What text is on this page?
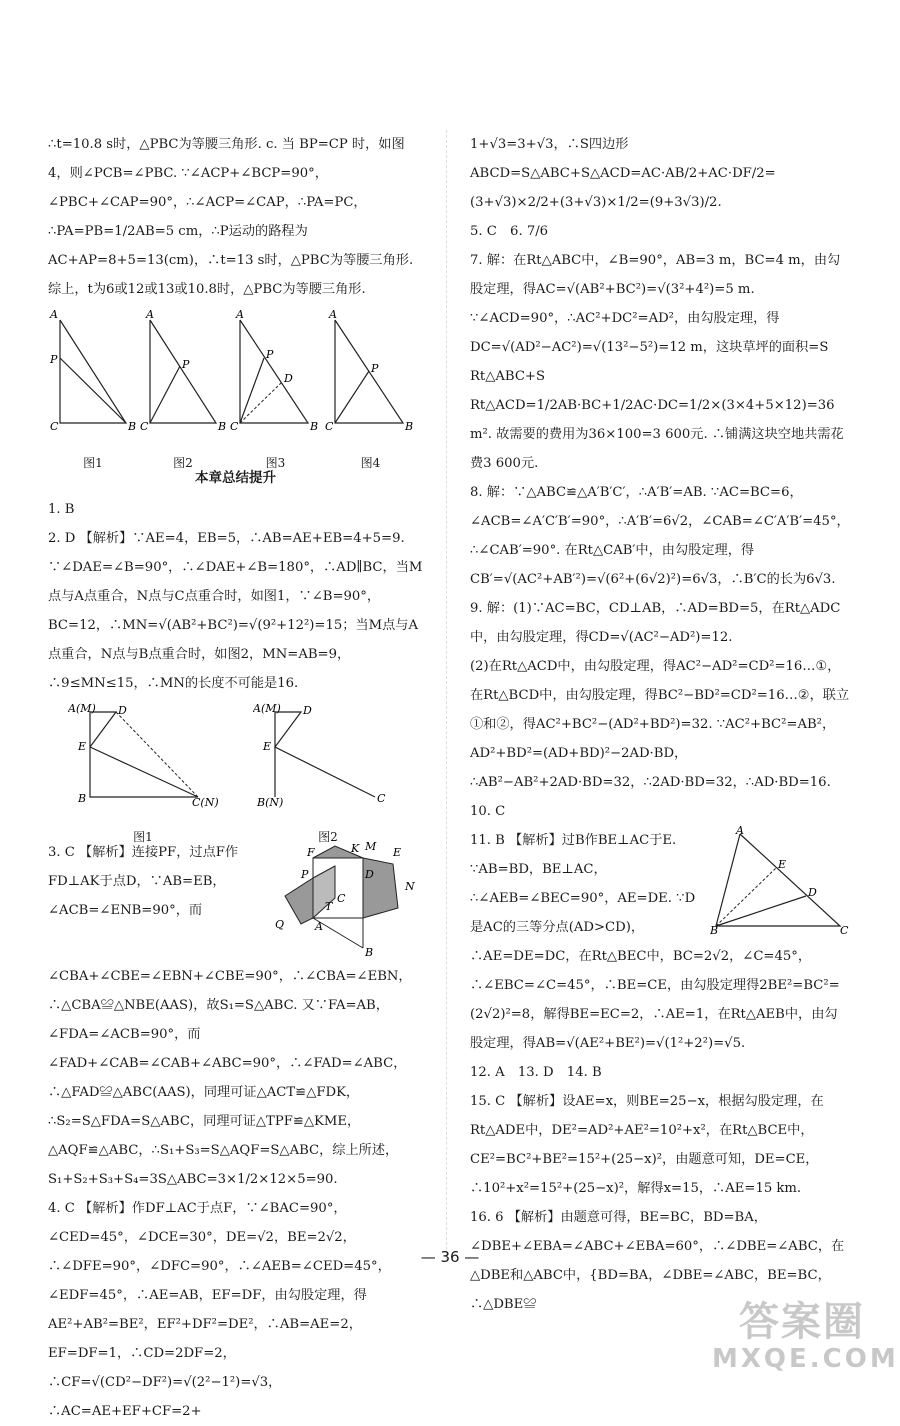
∴t=10.8 s时，△PBC为等腰三角形. c. 当 BP=CP 时，如图4，则∠PCB=∠PBC. ∵∠ACP+∠BCP=90°，∠PBC+∠CAP=90°，∴∠ACP=∠CAP，∴PA=PC，∴PA=PB=1/2AB=5 cm，∴P运动的路程为AC+AP=8+5=13(cm)，∴t=13 s时，△PBC为等腰三角形. 综上，t为6或12或13或10.8时，△PBC为等腰三角形.

A
P
C	B
图1
A
P
C	B
图2
A
P
D
C	B
图3
A
P
C	B
图4
本章总结提升

1. B

2. D 【解析】∵AE=4，EB=5，∴AB=AE+EB=4+5=9. ∵∠DAE=∠B=90°，∴∠DAE+∠B=180°，∴AD∥BC，当M点与A点重合，N点与C点重合时，如图1，∵∠B=90°，BC=12，∴MN=√(AB²+BC²)=√(9²+12²)=15；当M点与A点重合，N点与B点重合时，如图2，MN=AB=9，∴9≤MN≤15，∴MN的长度不可能是16.

A(M) D
E
B	C(N)
图1
A(M) D
E
B(N)	C
图2
F	K M E
N
P
Q	A
B
C
D
T

3. C 【解析】连接PF，过点F作FD⊥AK于点D，∵AB=EB，∠ACB=∠ENB=90°，而∠CBA+∠CBE=∠EBN+∠CBE=90°，∴∠CBA=∠EBN，∴△CBA≌△NBE(AAS)，故S₁=S△ABC. 又∵FA=AB，∠FDA=∠ACB=90°，而∠FAD+∠CAB=∠CAB+∠ABC=90°，∴∠FAD=∠ABC，∴△FAD≌△ABC(AAS)，同理可证△ACT≌△FDK，∴S₂=S△FDA=S△ABC，同理可证△TPF≌△KME，△AQF≌△ABC，∴S₁+S₃=S△AQF=S△ABC，综上所述，S₁+S₂+S₃+S₄=3S△ABC=3×1/2×12×5=90.

4. C 【解析】作DF⊥AC于点F，∵∠BAC=90°，∠CED=45°，∠DCE=30°，DE=√2，BE=2√2，∴∠DFE=90°，∠DFC=90°，∴∠AEB=∠CED=45°，∠EDF=45°，∴AE=AB，EF=DF，由勾股定理，得AE²+AB²=BE²，EF²+DF²=DE²，∴AB=AE=2，EF=DF=1，∴CD=2DF=2，∴CF=√(CD²−DF²)=√(2²−1²)=√3，∴AC=AE+EF+CF=2+

1+√3=3+√3，∴S四边形ABCD=S△ABC+S△ACD=AC·AB/2+AC·DF/2=(3+√3)×2/2+(3+√3)×1/2=(9+3√3)/2.

5. C　6. 7/6

7. 解：在Rt△ABC中，∠B=90°，AB=3 m，BC=4 m，由勾股定理，得AC=√(AB²+BC²)=√(3²+4²)=5 m. ∵∠ACD=90°，∴AC²+DC²=AD²，由勾股定理，得DC=√(AD²−AC²)=√(13²−5²)=12 m，这块草坪的面积=S Rt△ABC+S Rt△ACD=1/2AB·BC+1/2AC·DC=1/2×(3×4+5×12)=36 m². 故需要的费用为36×100=3 600元. ∴铺满这块空地共需花费3 600元.

8. 解：∵△ABC≌△A′B′C′，∴A′B′=AB. ∵AC=BC=6，∠ACB=∠A′C′B′=90°，∴A′B′=6√2，∠CAB=∠C′A′B′=45°，∴∠CAB′=90°. 在Rt△CAB′中，由勾股定理，得CB′=√(AC²+AB′²)=√(6²+(6√2)²)=6√3，∴B′C的长为6√3.

9. 解：(1)∵AC=BC，CD⊥AB，∴AD=BD=5，在Rt△ADC中，由勾股定理，得CD=√(AC²−AD²)=12.

(2)在Rt△ACD中，由勾股定理，得AC²−AD²=CD²=16…①，在Rt△BCD中，由勾股定理，得BC²−BD²=CD²=16…②，联立①和②，得AC²+BC²−(AD²+BD²)=32. ∵AC²+BC²=AB²，AD²+BD²=(AD+BD)²−2AD·BD，∴AB²−AB²+2AD·BD=32，∴2AD·BD=32，∴AD·BD=16.

10. C

A
E
D
B	C

11. B 【解析】过B作BE⊥AC于E. ∵AB=BD，BE⊥AC，∴∠AEB=∠BEC=90°，AE=DE. ∵D是AC的三等分点(AD>CD)，∴AE=DE=DC，在Rt△BEC中，BC=2√2，∠C=45°，∴∠EBC=∠C=45°，∴BE=CE，由勾股定理得2BE²=BC²=(2√2)²=8，解得BE=EC=2，∴AE=1，在Rt△AEB中，由勾股定理，得AB=√(AE²+BE²)=√(1²+2²)=√5.

12. A　13. D　14. B

15. C 【解析】设AE=x，则BE=25−x，根据勾股定理，在Rt△ADE中，DE²=AD²+AE²=10²+x²，在Rt△BCE中，CE²=BC²+BE²=15²+(25−x)²，由题意可知，DE=CE，∴10²+x²=15²+(25−x)²，解得x=15，∴AE=15 km.

16. 6 【解析】由题意可得，BE=BC，BD=BA，∠DBE+∠EBA=∠ABC+∠EBA=60°，∴∠DBE=∠ABC，在△DBE和△ABC中，{BD=BA，∠DBE=∠ABC，BE=BC，∴△DBE≌

— 36 —
答案圈
MXQE.COM
